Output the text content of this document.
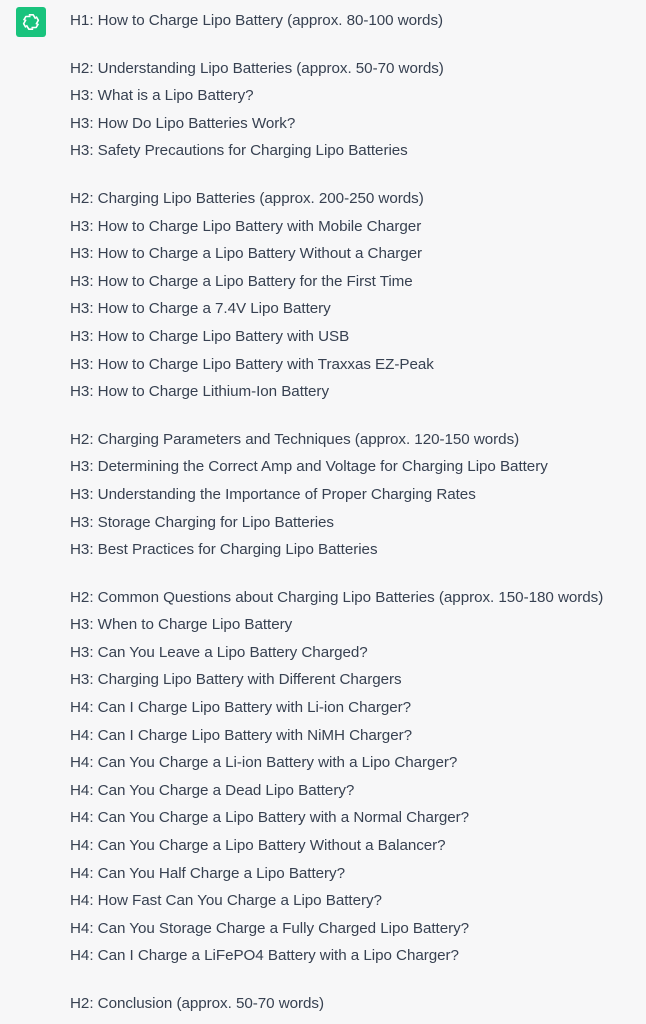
H1: How to Charge Lipo Battery (approx. 80-100 words)
H2: Understanding Lipo Batteries (approx. 50-70 words)
H3: What is a Lipo Battery?
H3: How Do Lipo Batteries Work?
H3: Safety Precautions for Charging Lipo Batteries
H2: Charging Lipo Batteries (approx. 200-250 words)
H3: How to Charge Lipo Battery with Mobile Charger
H3: How to Charge a Lipo Battery Without a Charger
H3: How to Charge a Lipo Battery for the First Time
H3: How to Charge a 7.4V Lipo Battery
H3: How to Charge Lipo Battery with USB
H3: How to Charge Lipo Battery with Traxxas EZ-Peak
H3: How to Charge Lithium-Ion Battery
H2: Charging Parameters and Techniques (approx. 120-150 words)
H3: Determining the Correct Amp and Voltage for Charging Lipo Battery
H3: Understanding the Importance of Proper Charging Rates
H3: Storage Charging for Lipo Batteries
H3: Best Practices for Charging Lipo Batteries
H2: Common Questions about Charging Lipo Batteries (approx. 150-180 words)
H3: When to Charge Lipo Battery
H3: Can You Leave a Lipo Battery Charged?
H3: Charging Lipo Battery with Different Chargers
H4: Can I Charge Lipo Battery with Li-ion Charger?
H4: Can I Charge Lipo Battery with NiMH Charger?
H4: Can You Charge a Li-ion Battery with a Lipo Charger?
H4: Can You Charge a Dead Lipo Battery?
H4: Can You Charge a Lipo Battery with a Normal Charger?
H4: Can You Charge a Lipo Battery Without a Balancer?
H4: Can You Half Charge a Lipo Battery?
H4: How Fast Can You Charge a Lipo Battery?
H4: Can You Storage Charge a Fully Charged Lipo Battery?
H4: Can I Charge a LiFePO4 Battery with a Lipo Charger?
H2: Conclusion (approx. 50-70 words)
